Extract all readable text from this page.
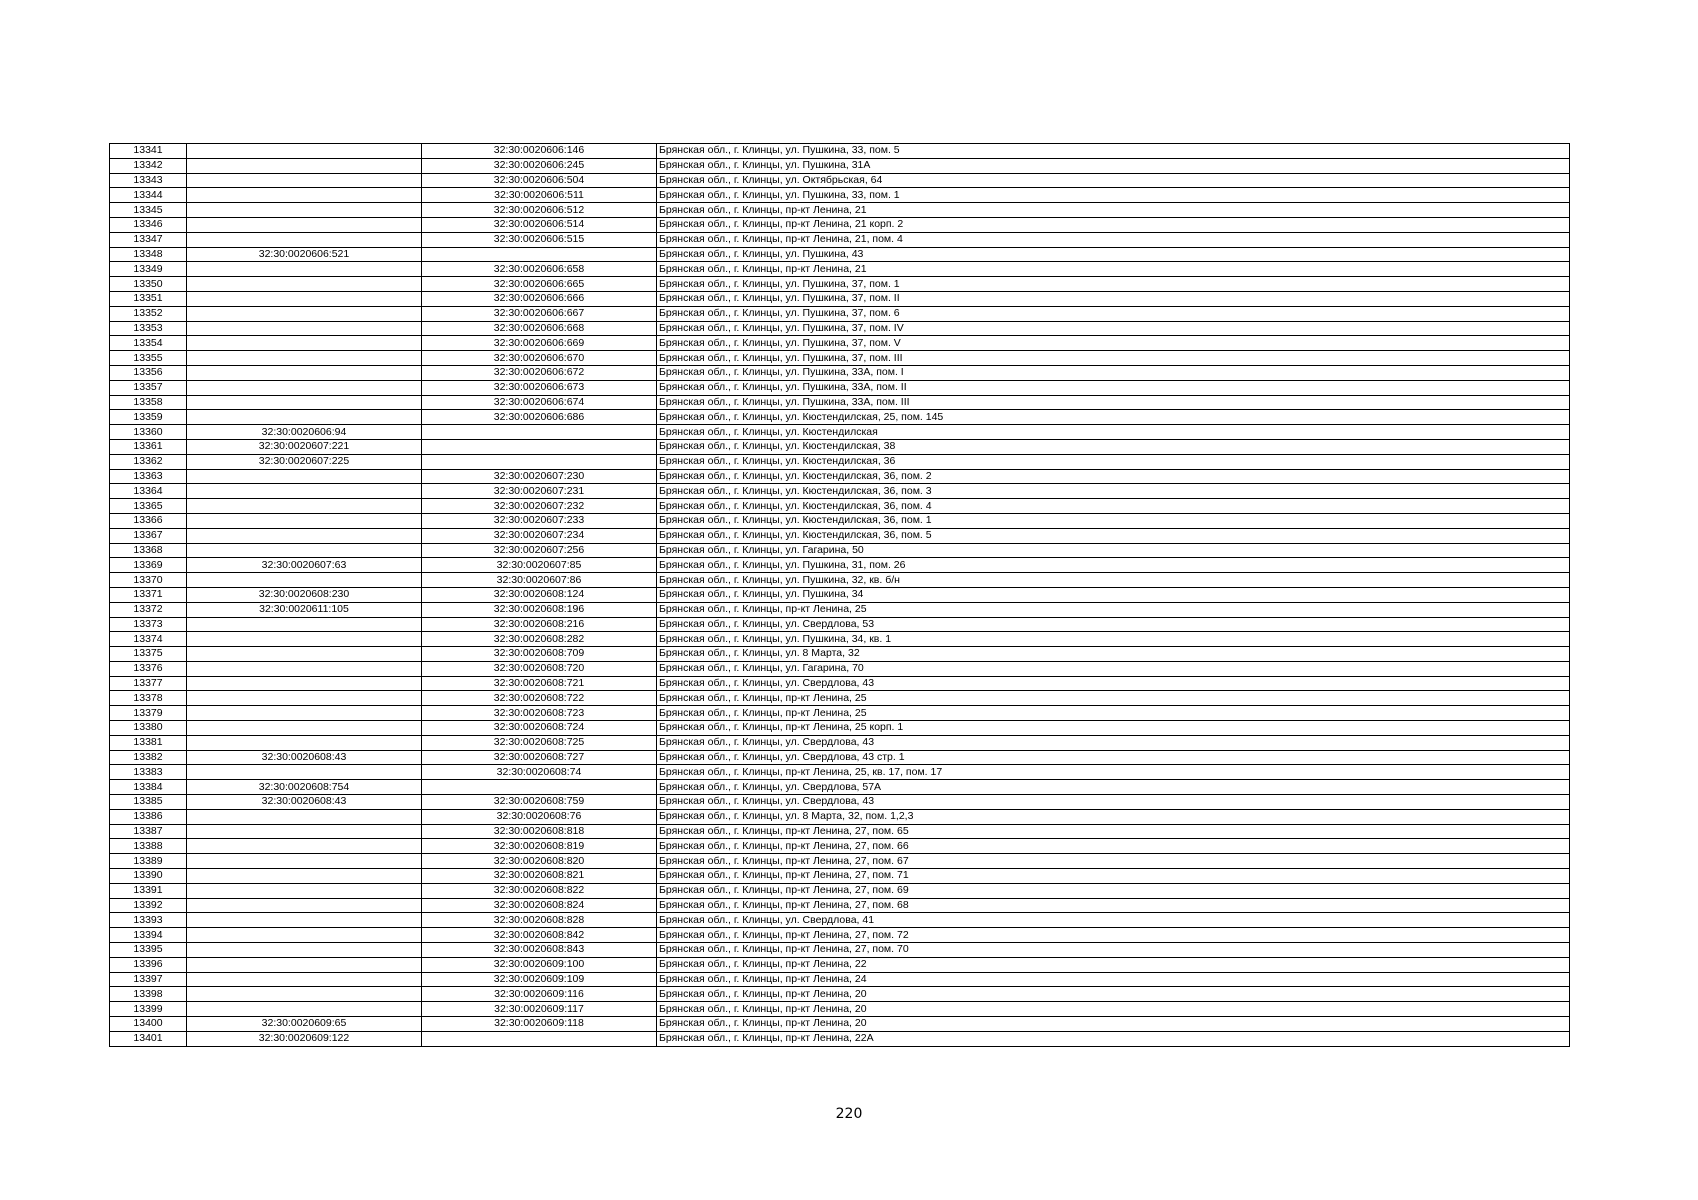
13341		32:30:0020606:146	Брянская обл., г. Клинцы, ул. Пушкина, 33, пом. 5
13342		32:30:0020606:245	Брянская обл., г. Клинцы, ул. Пушкина, 31А
13343		32:30:0020606:504	Брянская обл., г. Клинцы, ул. Октябрьская, 64
13344		32:30:0020606:511	Брянская обл., г. Клинцы, ул. Пушкина, 33, пом. 1
13345		32:30:0020606:512	Брянская обл., г. Клинцы, пр-кт Ленина, 21
13346		32:30:0020606:514	Брянская обл., г. Клинцы, пр-кт Ленина, 21 корп. 2
13347		32:30:0020606:515	Брянская обл., г. Клинцы, пр-кт Ленина, 21, пом. 4
13348	32:30:0020606:521		Брянская обл., г. Клинцы, ул. Пушкина, 43
13349		32:30:0020606:658	Брянская обл., г. Клинцы, пр-кт Ленина, 21
13350		32:30:0020606:665	Брянская обл., г. Клинцы, ул. Пушкина, 37, пом. 1
13351		32:30:0020606:666	Брянская обл., г. Клинцы, ул. Пушкина, 37, пом. II
13352		32:30:0020606:667	Брянская обл., г. Клинцы, ул. Пушкина, 37, пом. 6
13353		32:30:0020606:668	Брянская обл., г. Клинцы, ул. Пушкина, 37, пом. IV
13354		32:30:0020606:669	Брянская обл., г. Клинцы, ул. Пушкина, 37, пом. V
13355		32:30:0020606:670	Брянская обл., г. Клинцы, ул. Пушкина, 37, пом. III
13356		32:30:0020606:672	Брянская обл., г. Клинцы, ул. Пушкина, 33А, пом. I
13357		32:30:0020606:673	Брянская обл., г. Клинцы, ул. Пушкина, 33А, пом. II
13358		32:30:0020606:674	Брянская обл., г. Клинцы, ул. Пушкина, 33А, пом. III
13359		32:30:0020606:686	Брянская обл., г. Клинцы, ул. Кюстендилская, 25, пом. 145
13360	32:30:0020606:94		Брянская обл., г. Клинцы, ул. Кюстендилская
13361	32:30:0020607:221		Брянская обл., г. Клинцы, ул. Кюстендилская, 38
13362	32:30:0020607:225		Брянская обл., г. Клинцы, ул. Кюстендилская, 36
13363		32:30:0020607:230	Брянская обл., г. Клинцы, ул. Кюстендилская, 36, пом. 2
13364		32:30:0020607:231	Брянская обл., г. Клинцы, ул. Кюстендилская, 36, пом. 3
13365		32:30:0020607:232	Брянская обл., г. Клинцы, ул. Кюстендилская, 36, пом. 4
13366		32:30:0020607:233	Брянская обл., г. Клинцы, ул. Кюстендилская, 36, пом. 1
13367		32:30:0020607:234	Брянская обл., г. Клинцы, ул. Кюстендилская, 36, пом. 5
13368		32:30:0020607:256	Брянская обл., г. Клинцы, ул. Гагарина, 50
13369	32:30:0020607:63	32:30:0020607:85	Брянская обл., г. Клинцы, ул. Пушкина, 31, пом. 26
13370		32:30:0020607:86	Брянская обл., г. Клинцы, ул. Пушкина, 32, кв. б/н
13371	32:30:0020608:230	32:30:0020608:124	Брянская обл., г. Клинцы, ул. Пушкина, 34
13372	32:30:0020611:105	32:30:0020608:196	Брянская обл., г. Клинцы, пр-кт Ленина, 25
13373		32:30:0020608:216	Брянская обл., г. Клинцы, ул. Свердлова, 53
13374		32:30:0020608:282	Брянская обл., г. Клинцы, ул. Пушкина, 34, кв. 1
13375		32:30:0020608:709	Брянская обл., г. Клинцы, ул. 8 Марта, 32
13376		32:30:0020608:720	Брянская обл., г. Клинцы, ул. Гагарина, 70
13377		32:30:0020608:721	Брянская обл., г. Клинцы, ул. Свердлова, 43
13378		32:30:0020608:722	Брянская обл., г. Клинцы, пр-кт Ленина, 25
13379		32:30:0020608:723	Брянская обл., г. Клинцы, пр-кт Ленина, 25
13380		32:30:0020608:724	Брянская обл., г. Клинцы, пр-кт Ленина, 25 корп. 1
13381		32:30:0020608:725	Брянская обл., г. Клинцы, ул. Свердлова, 43
13382	32:30:0020608:43	32:30:0020608:727	Брянская обл., г. Клинцы, ул. Свердлова, 43 стр. 1
13383		32:30:0020608:74	Брянская обл., г. Клинцы, пр-кт Ленина, 25, кв. 17, пом. 17
13384	32:30:0020608:754		Брянская обл., г. Клинцы, ул. Свердлова, 57А
13385	32:30:0020608:43	32:30:0020608:759	Брянская обл., г. Клинцы, ул. Свердлова, 43
13386		32:30:0020608:76	Брянская обл., г. Клинцы, ул. 8 Марта, 32, пом. 1,2,3
13387		32:30:0020608:818	Брянская обл., г. Клинцы, пр-кт Ленина, 27, пом. 65
13388		32:30:0020608:819	Брянская обл., г. Клинцы, пр-кт Ленина, 27, пом. 66
13389		32:30:0020608:820	Брянская обл., г. Клинцы, пр-кт Ленина, 27, пом. 67
13390		32:30:0020608:821	Брянская обл., г. Клинцы, пр-кт Ленина, 27, пом. 71
13391		32:30:0020608:822	Брянская обл., г. Клинцы, пр-кт Ленина, 27, пом. 69
13392		32:30:0020608:824	Брянская обл., г. Клинцы, пр-кт Ленина, 27, пом. 68
13393		32:30:0020608:828	Брянская обл., г. Клинцы, ул. Свердлова, 41
13394		32:30:0020608:842	Брянская обл., г. Клинцы, пр-кт Ленина, 27, пом. 72
13395		32:30:0020608:843	Брянская обл., г. Клинцы, пр-кт Ленина, 27, пом. 70
13396		32:30:0020609:100	Брянская обл., г. Клинцы, пр-кт Ленина, 22
13397		32:30:0020609:109	Брянская обл., г. Клинцы, пр-кт Ленина, 24
13398		32:30:0020609:116	Брянская обл., г. Клинцы, пр-кт Ленина, 20
13399		32:30:0020609:117	Брянская обл., г. Клинцы, пр-кт Ленина, 20
13400	32:30:0020609:65	32:30:0020609:118	Брянская обл., г. Клинцы, пр-кт Ленина, 20
13401	32:30:0020609:122		Брянская обл., г. Клинцы, пр-кт Ленина, 22А
220
